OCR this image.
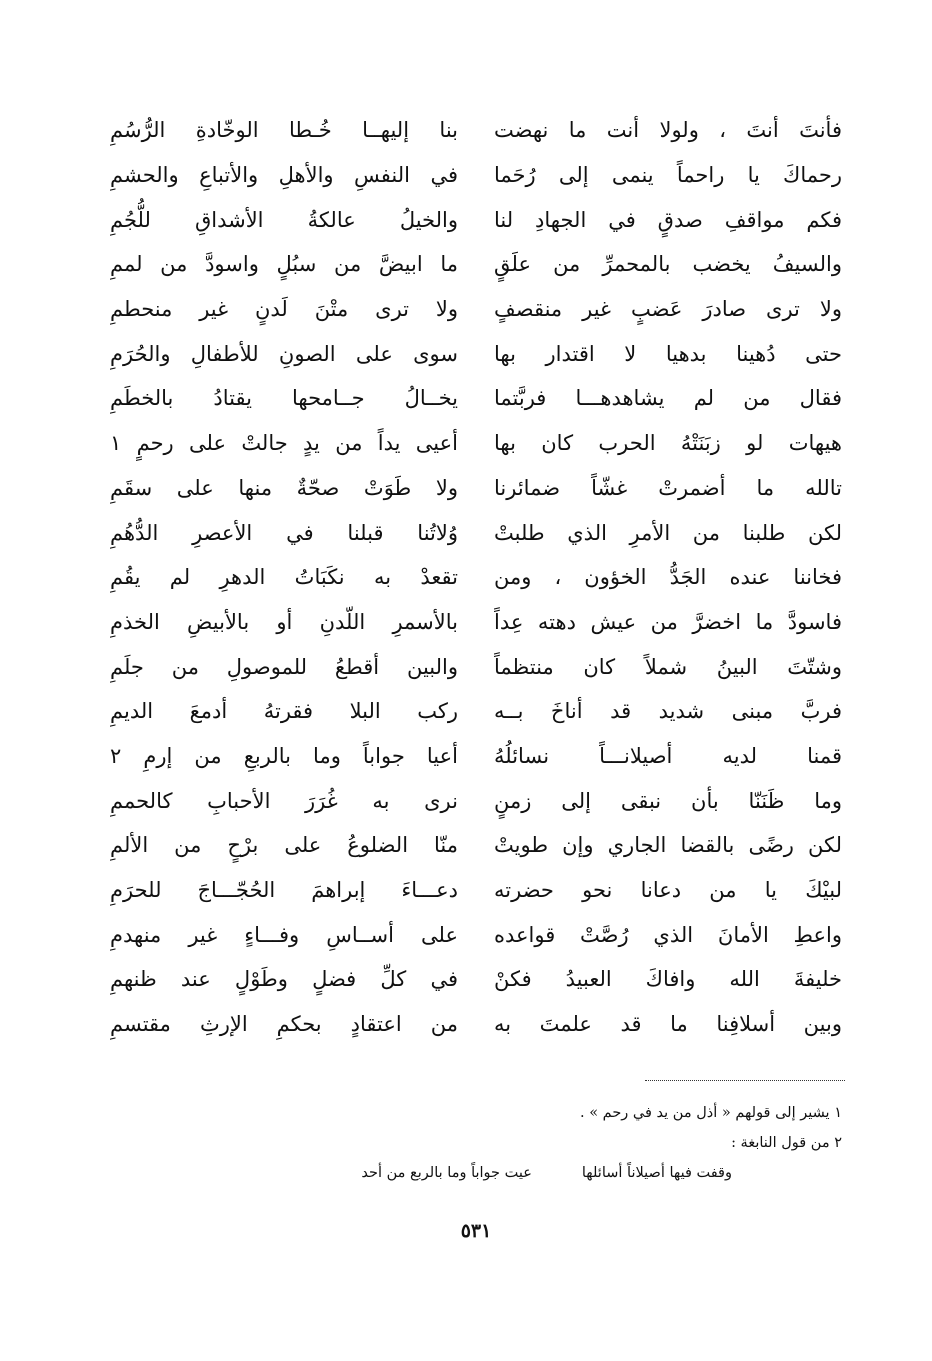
فأنتَ أنتَ ، ولولا أنت ما نهضت
بنا إليهــا خُـطا الوخّادةِ الرُّسُمِ
رحماكَ يا راحماً ينمى إلى رُحَما
في النفسِ والأهلِ والأتباعِ والحشمِ
فكم مواقفِ صدقٍ في الجهادِ لنا
والخيلُ عالكةُ الأشداقِ للُّجُمِ
والسيفُ يخضب بالمحمرِّ من علَقٍ
ما ابيضَّ من سبُلٍ واسودَّ من لممِ
ولا ترى صادرَ عَضبٍ غير منقصفٍ
ولا ترى متْنَ لَدنٍ غير منحطمِ
حتى دُهينا بدهيا لا اقتدار بها
سوى على الصونِ للأطفالِ والحُرَمِ
فقال من لم يشاهدهـــا فربَّتما
يخــالُ جــامحها يقتادُ بالخطَمِ
هيهات لو زبَنَتْهُ الحرب كان بها
أعيى يداً من يدٍ جالتْ على رحمٍ ١
تالله ما أضمرتْ غشّاً ضمائرنا
ولا طَوَتْ صحّةٌ منها على سقَمِ
لكن طلبنا من الأمرِ الذي طلبتْ
وُلاتُنا قبلنا في الأعصرِ الدُّهُمِ
فخاننا عنده الجَدُّ الخؤون ، ومن
تقعدْ به نكَبَاتُ الدهرِ لم يقُمِ
فاسودَّ ما اخضرَّ من عيش دهته عِداً
بالأسمرِ اللّدنِ أو بالأبيضِ الخذمِ
وشتّتَ البينُ شملاً كان منتظماً
والبين أقطعُ للموصولِ من جلَمِ
فربَّ مبنى شديد قد أناخَ بــه
ركب البلا فقرتهُ أدمعَ الديمِ
قمنا لديه أصيلانـــاً نسائلُهُ
أعيا جواباً وما بالربعِ من إرمِ ٢
وما ظَنَنّا بأن نبقى إلى زمنٍ
نرى به غُرَرَ الأحبابِ كالحممِ
لكن رضًى بالقضا الجاري وإن طويتْ
منّا الضلوعُ على برْحٍ من الألمِ
لبيْكَ يا من دعانا نحو حضرته
دعـــاءَ إبراهمَ الحُجّـــاجَ للحرَمِ
واعطِ الأمانَ الذي رُصَّتْ قواعده
على أســاسِ وفـــاءٍ غير منهدمِ
خليفةَ الله وافاكَ العبيدُ فكنْ
في كلِّ فضلٍ وطَوْلٍ عند ظنهمِ
وبين أسلافِنا ما قد علمتَ به
من اعتقادٍ بحكمِ الإرثِ مقتسمِ
١ يشير إلى قولهم « أذل من يد في رحم » .
٢ من قول النابغة :
وقفت فيها أصيلاناً أسائلها
عيت جواباً وما بالربع من أحد
٥٣١
